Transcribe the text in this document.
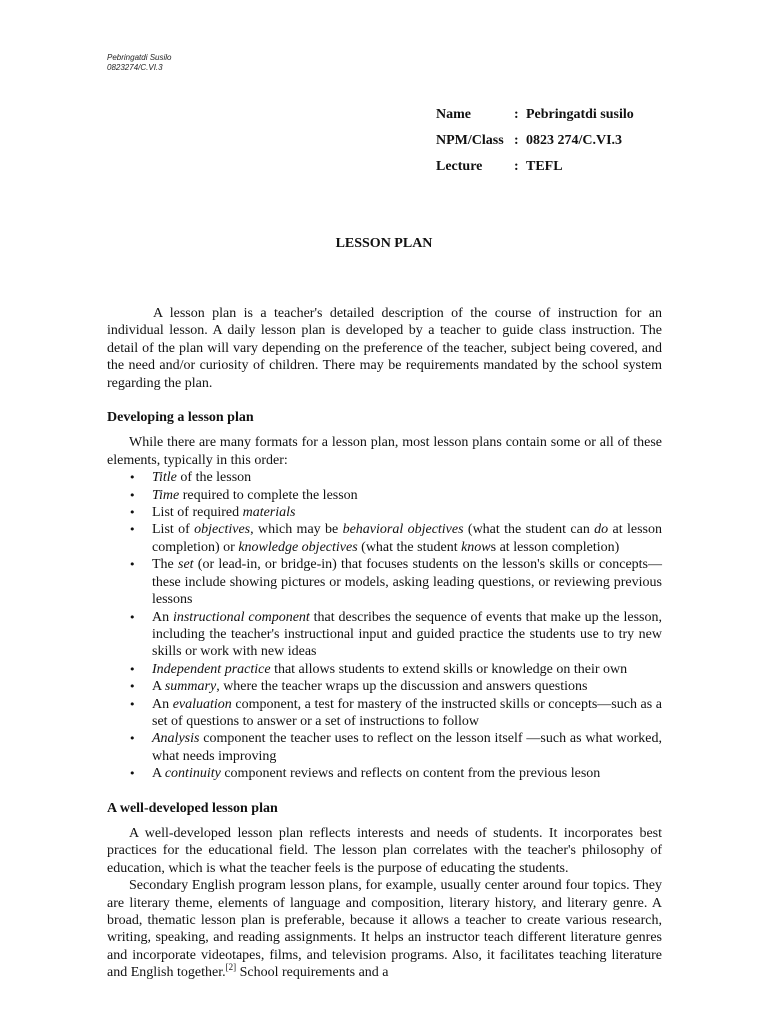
Pebringatdi Susilo
0823274/C.VI.3
Name	: Pebringatdi susilo
NPM/Class : 0823 274/C.VI.3
Lecture	: TEFL
LESSON PLAN

A lesson plan is a teacher's detailed description of the course of instruction for an individual lesson. A daily lesson plan is developed by a teacher to guide class instruction. The detail of the plan will vary depending on the preference of the teacher, subject being covered, and the need and/or curiosity of children. There may be requirements mandated by the school system regarding the plan.

Developing a lesson plan

While there are many formats for a lesson plan, most lesson plans contain some or all of these elements, typically in this order:

• Title of the lesson
• Time required to complete the lesson
• List of required materials
• List of objectives, which may be behavioral objectives (what the student can do at lesson completion) or knowledge objectives (what the student knows at lesson completion)
• The set (or lead-in, or bridge-in) that focuses students on the lesson's skills or concepts—these include showing pictures or models, asking leading questions, or reviewing previous lessons
• An instructional component that describes the sequence of events that make up the lesson, including the teacher's instructional input and guided practice the students use to try new skills or work with new ideas
• Independent practice that allows students to extend skills or knowledge on their own
• A summary, where the teacher wraps up the discussion and answers questions
• An evaluation component, a test for mastery of the instructed skills or concepts—such as a set of questions to answer or a set of instructions to follow
• Analysis component the teacher uses to reflect on the lesson itself —such as what worked, what needs improving
• A continuity component reviews and reflects on content from the previous leson
A well-developed lesson plan

A well-developed lesson plan reflects interests and needs of students. It incorporates best practices for the educational field. The lesson plan correlates with the teacher's philosophy of education, which is what the teacher feels is the purpose of educating the students.

Secondary English program lesson plans, for example, usually center around four topics. They are literary theme, elements of language and composition, literary history, and literary genre. A broad, thematic lesson plan is preferable, because it allows a teacher to create various research, writing, speaking, and reading assignments. It helps an instructor teach different literature genres and incorporate videotapes, films, and television programs. Also, it facilitates teaching literature and English together.[2] School requirements and a
